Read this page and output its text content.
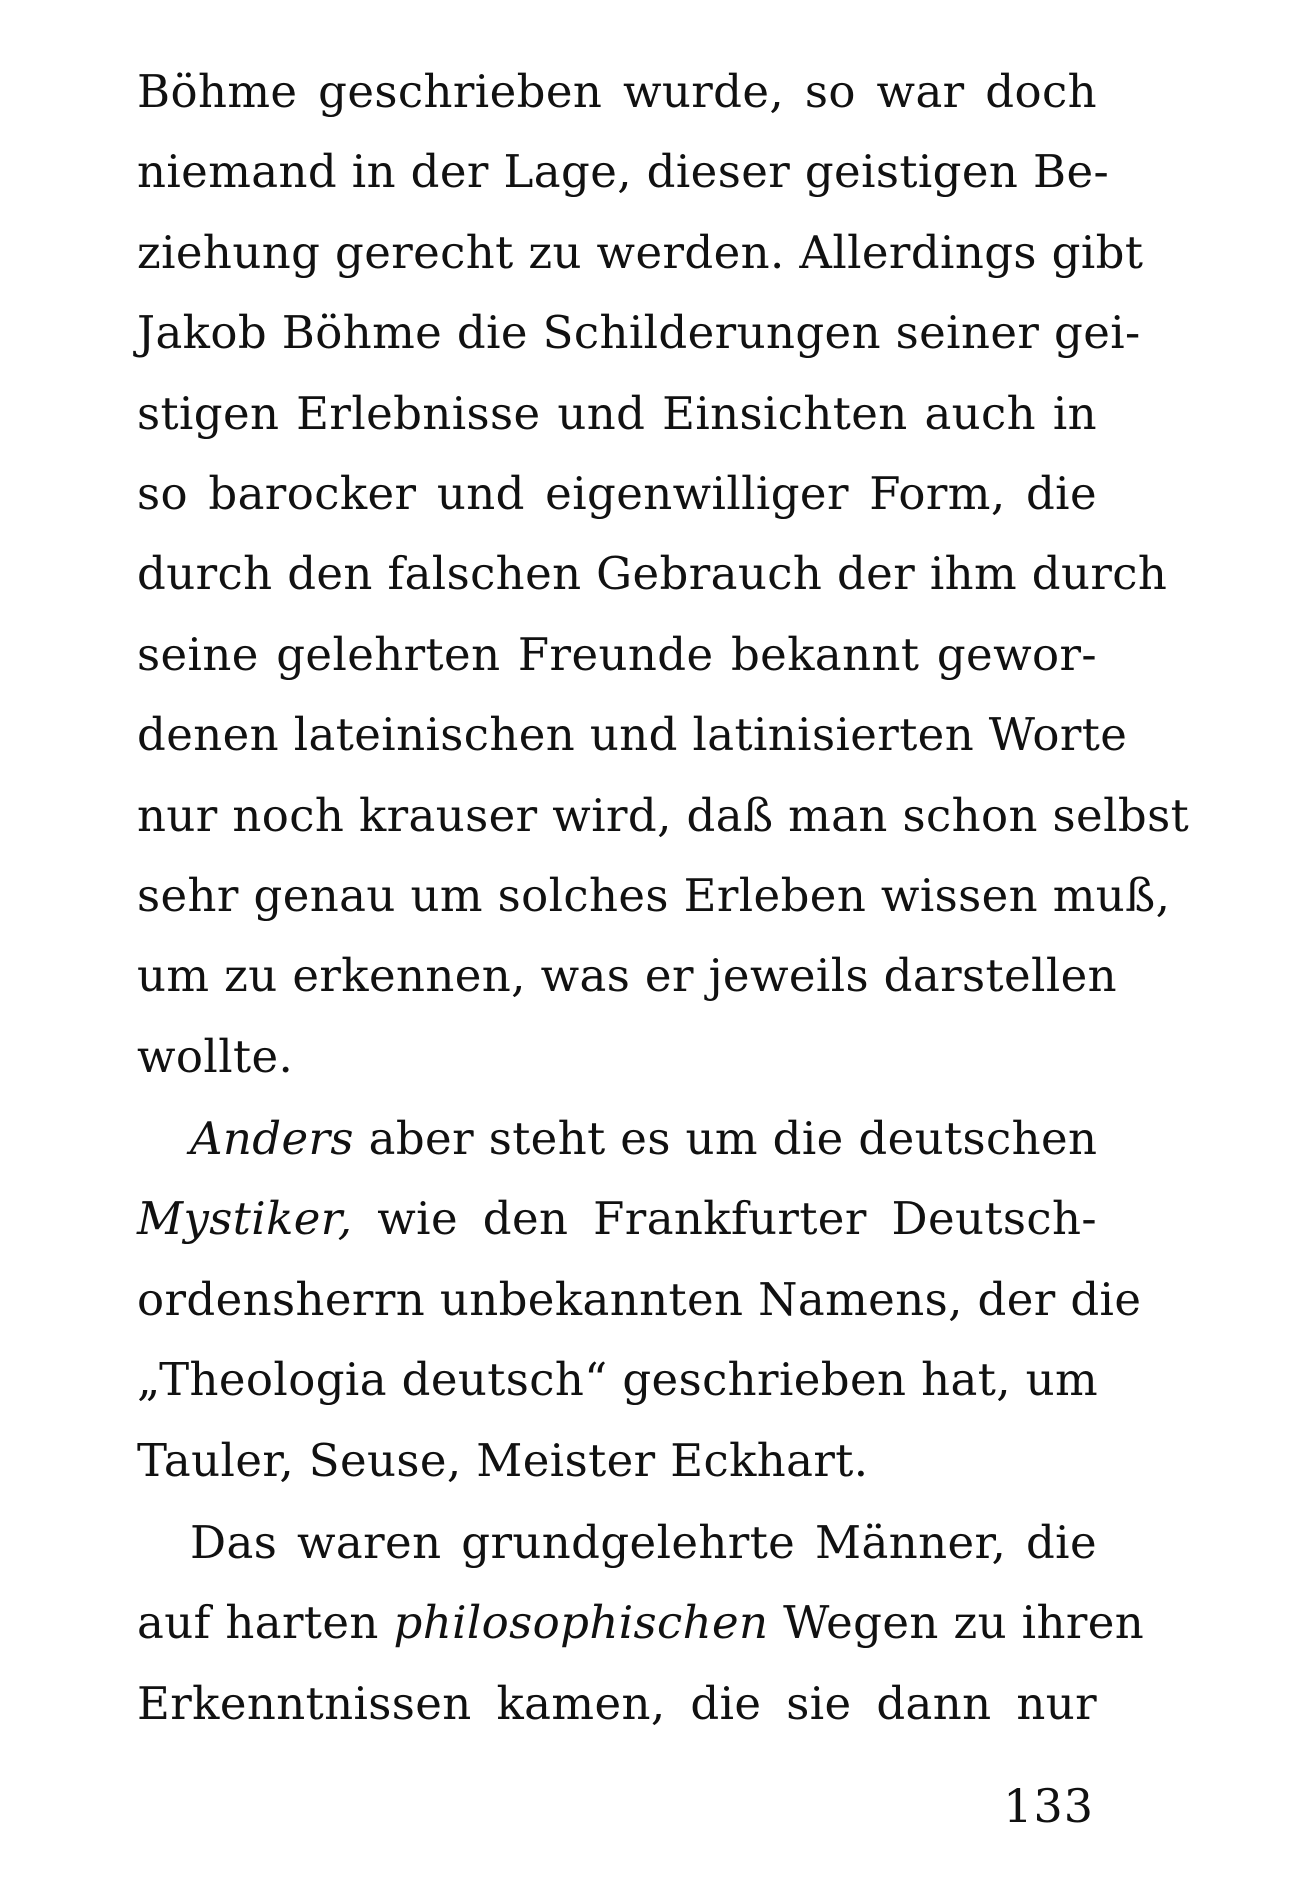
Böhme geschrieben wurde, so war doch
niemand in der Lage, dieser geistigen Be-
ziehung gerecht zu werden. Allerdings gibt
Jakob Böhme die Schilderungen seiner gei-
stigen Erlebnisse und Einsichten auch in
so barocker und eigenwilliger Form, die
durch den falschen Gebrauch der ihm durch
seine gelehrten Freunde bekannt gewor-
denen lateinischen und latinisierten Worte
nur noch krauser wird, daß man schon selbst
sehr genau um solches Erleben wissen muß,
um zu erkennen, was er jeweils darstellen
wollte.
Anders aber steht es um die deutschen
Mystiker, wie den Frankfurter Deutsch-
ordensherrn unbekannten Namens, der die
„Theologia deutsch“ geschrieben hat, um
Tauler, Seuse, Meister Eckhart.
Das waren grundgelehrte Männer, die
auf harten philosophischen Wegen zu ihren
Erkenntnissen kamen, die sie dann nur
133
